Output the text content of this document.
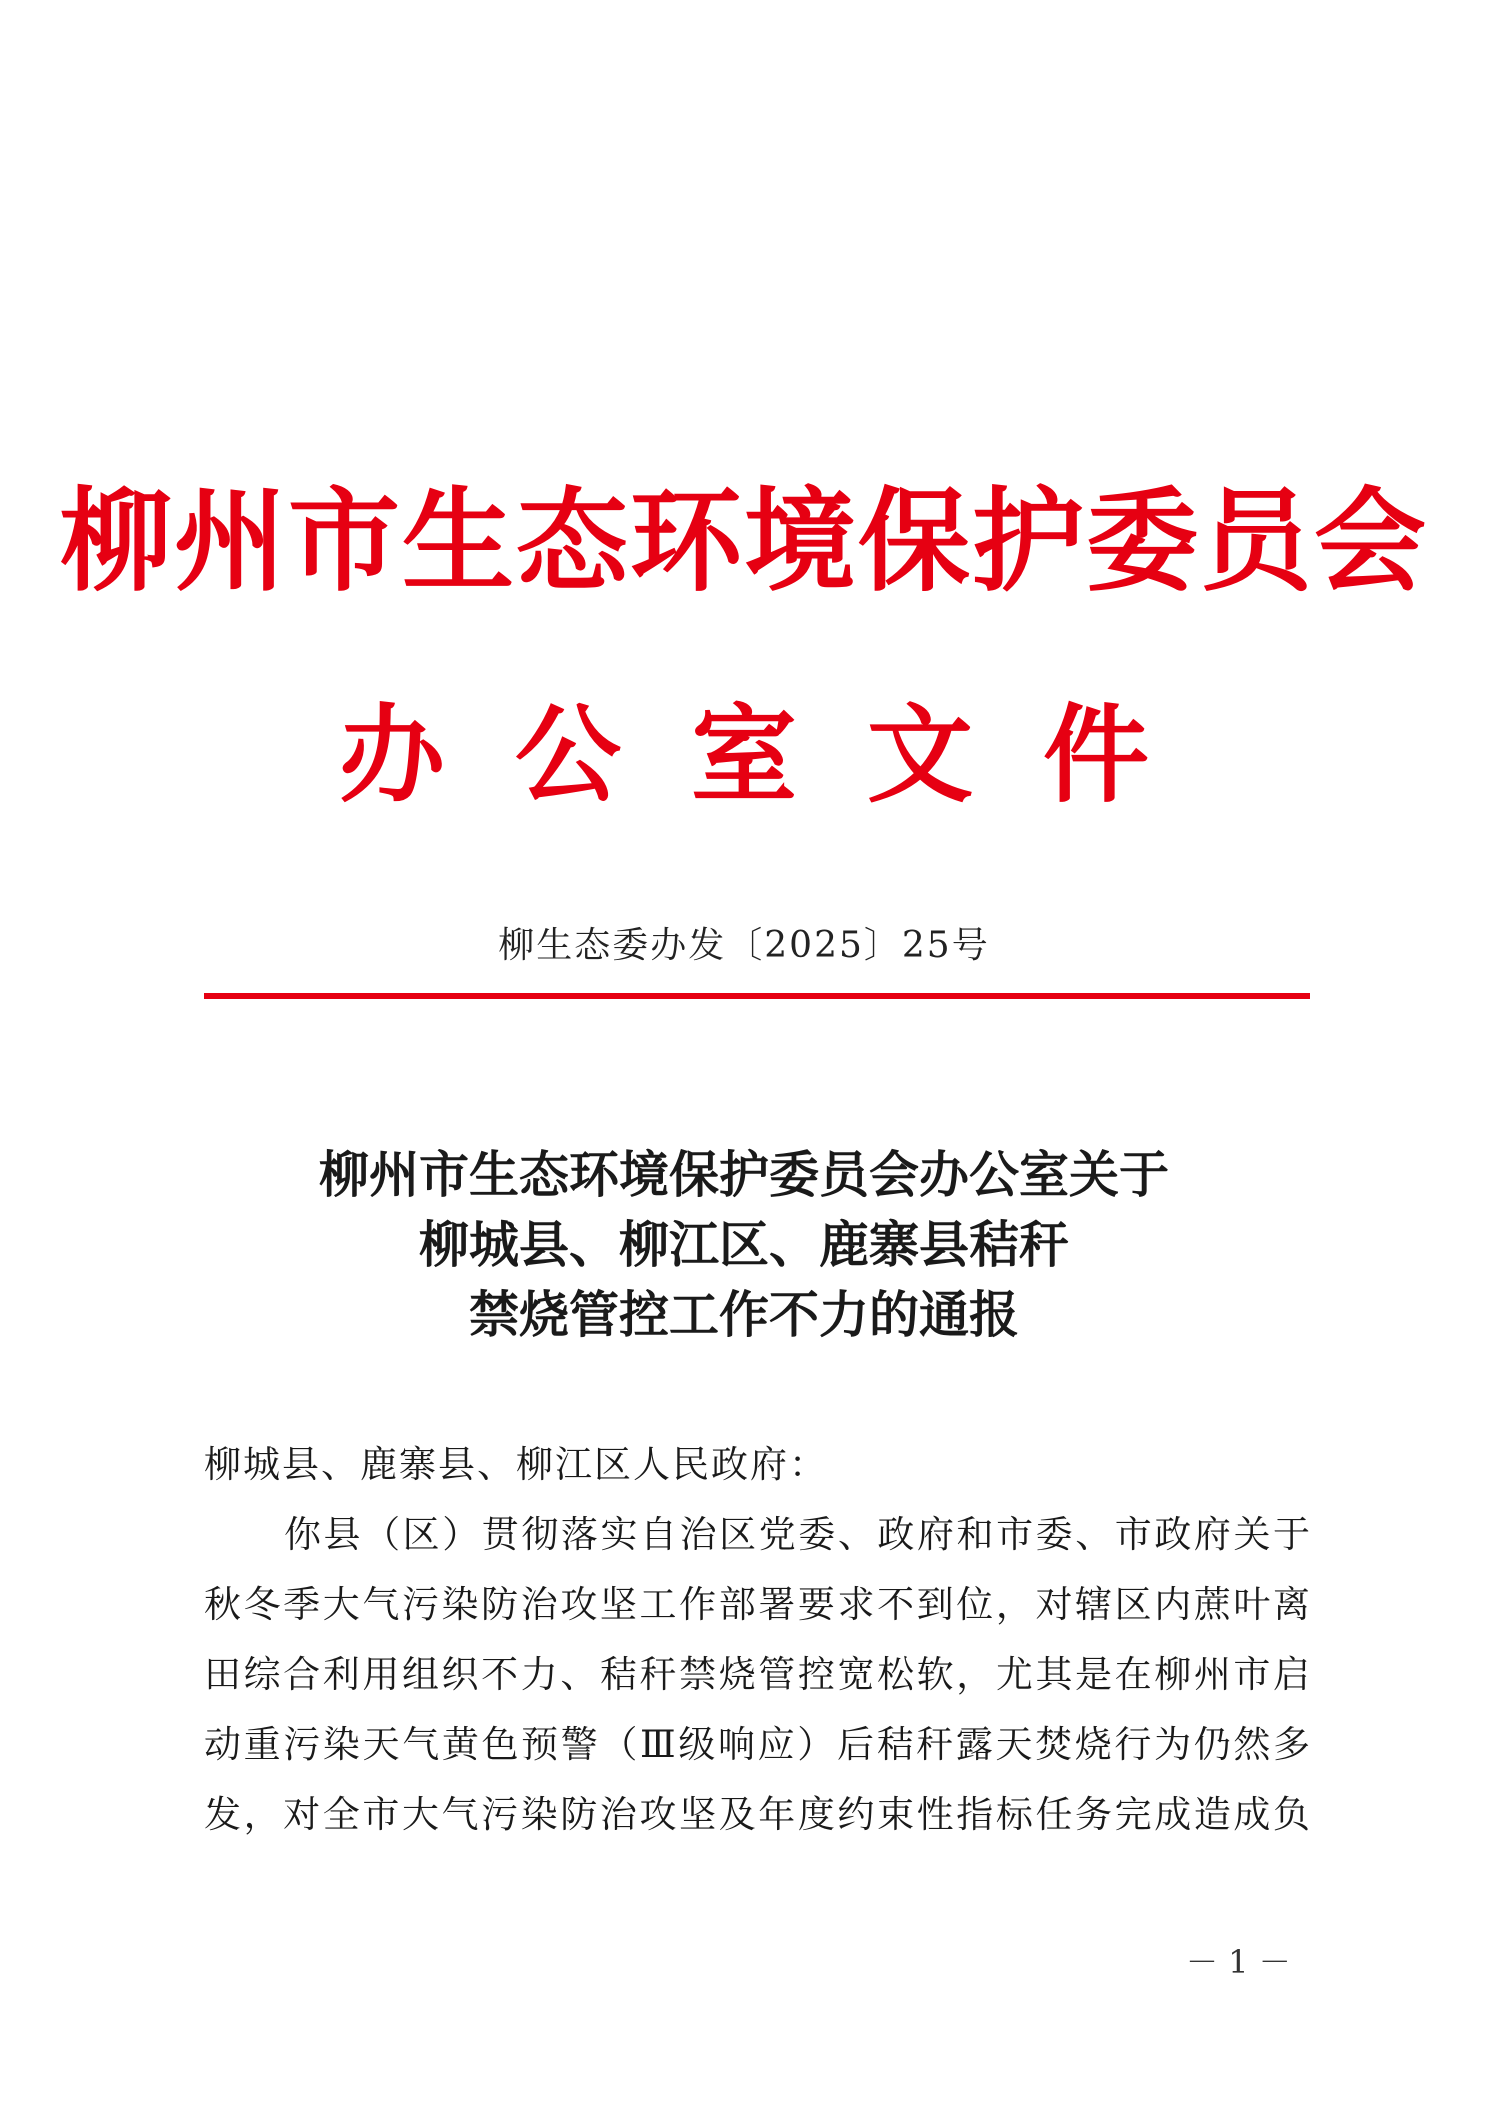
柳州市生态环境保护委员会
办公室文件
柳生态委办发〔2025〕25号
柳州市生态环境保护委员会办公室关于
柳城县、柳江区、鹿寨县秸秆
禁烧管控工作不力的通报
柳城县、鹿寨县、柳江区人民政府：
你县（区）贯彻落实自治区党委、政府和市委、市政府关于
秋冬季大气污染防治攻坚工作部署要求不到位，对辖区内蔗叶离
田综合利用组织不力、秸秆禁烧管控宽松软，尤其是在柳州市启
动重污染天气黄色预警（Ⅲ级响应）后秸秆露天焚烧行为仍然多
发，对全市大气污染防治攻坚及年度约束性指标任务完成造成负
－ 1 －
